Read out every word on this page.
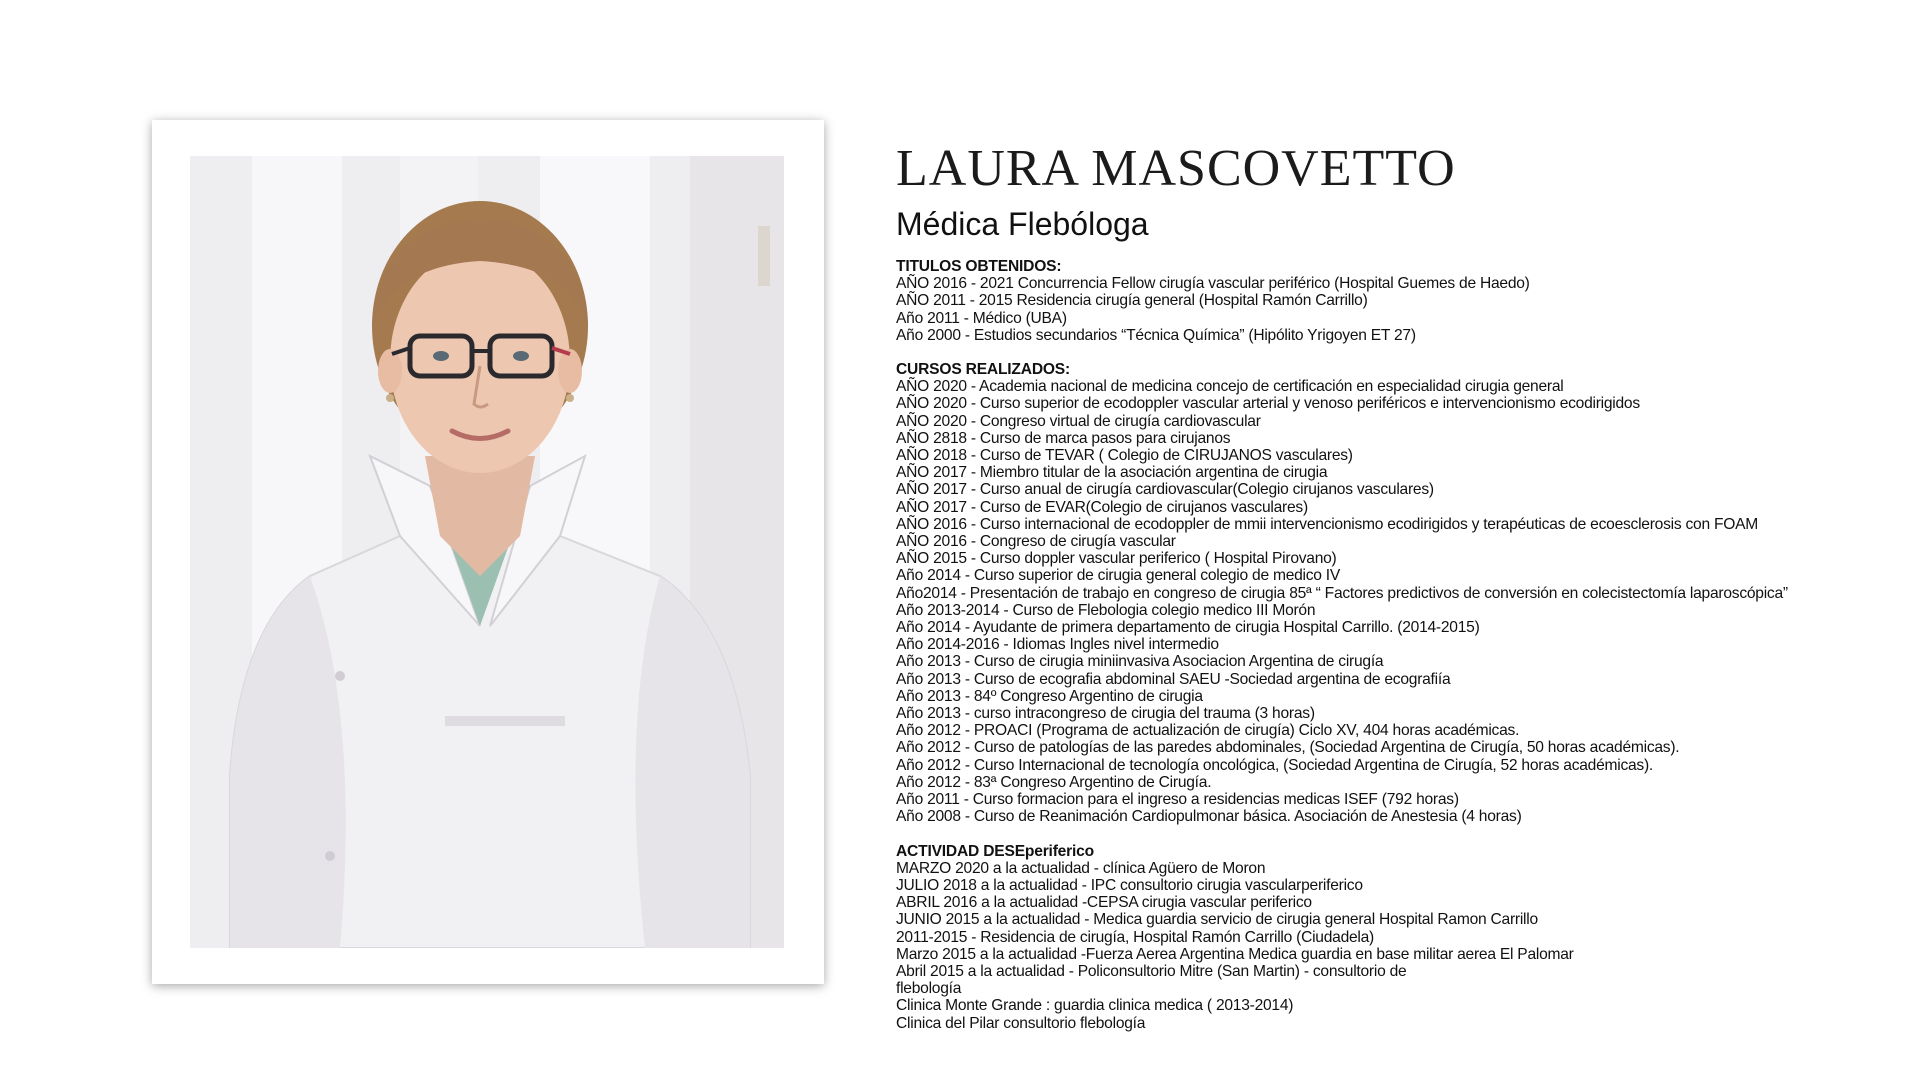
LAURA MASCOVETTO
Médica Flebóloga
TITULOS OBTENIDOS:
AÑO 2016 - 2021 Concurrencia Fellow cirugía vascular periférico (Hospital Guemes de Haedo)
AÑO 2011 - 2015 Residencia cirugía general (Hospital Ramón Carrillo)
Año 2011 - Médico (UBA)
Año 2000 - Estudios secundarios “Técnica Química” (Hipólito Yrigoyen ET 27)
CURSOS REALIZADOS:
AÑO 2020 - Academia nacional de medicina concejo de certificación en especialidad cirugia general
AÑO 2020 - Curso superior de ecodoppler vascular arterial y venoso periféricos e intervencionismo ecodirigidos
AÑO 2020 - Congreso virtual de cirugía cardiovascular
AÑO 2818 - Curso de marca pasos para cirujanos
AÑO 2018 - Curso de TEVAR ( Colegio de CIRUJANOS vasculares)
AÑO 2017 - Miembro titular de la asociación argentina de cirugia
AÑO 2017 - Curso anual de cirugía cardiovascular(Colegio cirujanos vasculares)
AÑO 2017 - Curso de EVAR(Colegio de cirujanos vasculares)
AÑO 2016 - Curso internacional de ecodoppler de mmii intervencionismo ecodirigidos y terapéuticas de ecoesclerosis con FOAM
AÑO 2016 - Congreso de cirugía vascular
AÑO 2015 - Curso doppler vascular periferico ( Hospital Pirovano)
Año 2014 - Curso superior de cirugia general colegio de medico IV
Año2014 - Presentación de trabajo en congreso de cirugia 85ª “ Factores predictivos de conversión en colecistectomía laparoscópica”
Año 2013-2014 - Curso de Flebologia colegio medico III Morón
Año 2014 - Ayudante de primera departamento de cirugia Hospital Carrillo. (2014-2015)
Año 2014-2016 - Idiomas Ingles nivel intermedio
Año 2013 - Curso de cirugia miniinvasiva Asociacion Argentina de cirugía
Año 2013 - Curso de ecografia abdominal SAEU -Sociedad argentina de ecografiía
Año 2013 - 84º Congreso Argentino de cirugia
Año 2013 - curso intracongreso de cirugia del trauma (3 horas)
Año 2012 - PROACI (Programa de actualización de cirugía) Ciclo XV, 404 horas académicas.
Año 2012 - Curso de patologías de las paredes abdominales, (Sociedad Argentina de Cirugía, 50 horas académicas).
Año 2012 - Curso Internacional de tecnología oncológica, (Sociedad Argentina de Cirugía, 52 horas académicas).
Año 2012 - 83ª Congreso Argentino de Cirugía.
Año 2011 - Curso formacion para el ingreso a residencias medicas ISEF (792 horas)
Año 2008 - Curso de Reanimación Cardiopulmonar básica. Asociación de Anestesia (4 horas)
ACTIVIDAD DESEperiferico
MARZO 2020 a la actualidad - clínica Agüero de Moron
JULIO 2018 a la actualidad - IPC consultorio cirugia vascularperiferico
ABRIL 2016 a la actualidad -CEPSA cirugia vascular periferico
JUNIO 2015 a la actualidad - Medica guardia servicio de cirugia general Hospital Ramon Carrillo
2011-2015 - Residencia de cirugía, Hospital Ramón Carrillo (Ciudadela)
Marzo 2015 a la actualidad -Fuerza Aerea Argentina Medica guardia en base militar aerea El Palomar
Abril 2015 a la actualidad - Policonsultorio Mitre (San Martin) - consultorio de
flebología
Clinica Monte Grande : guardia clinica medica ( 2013-2014)
Clinica del Pilar consultorio flebología
